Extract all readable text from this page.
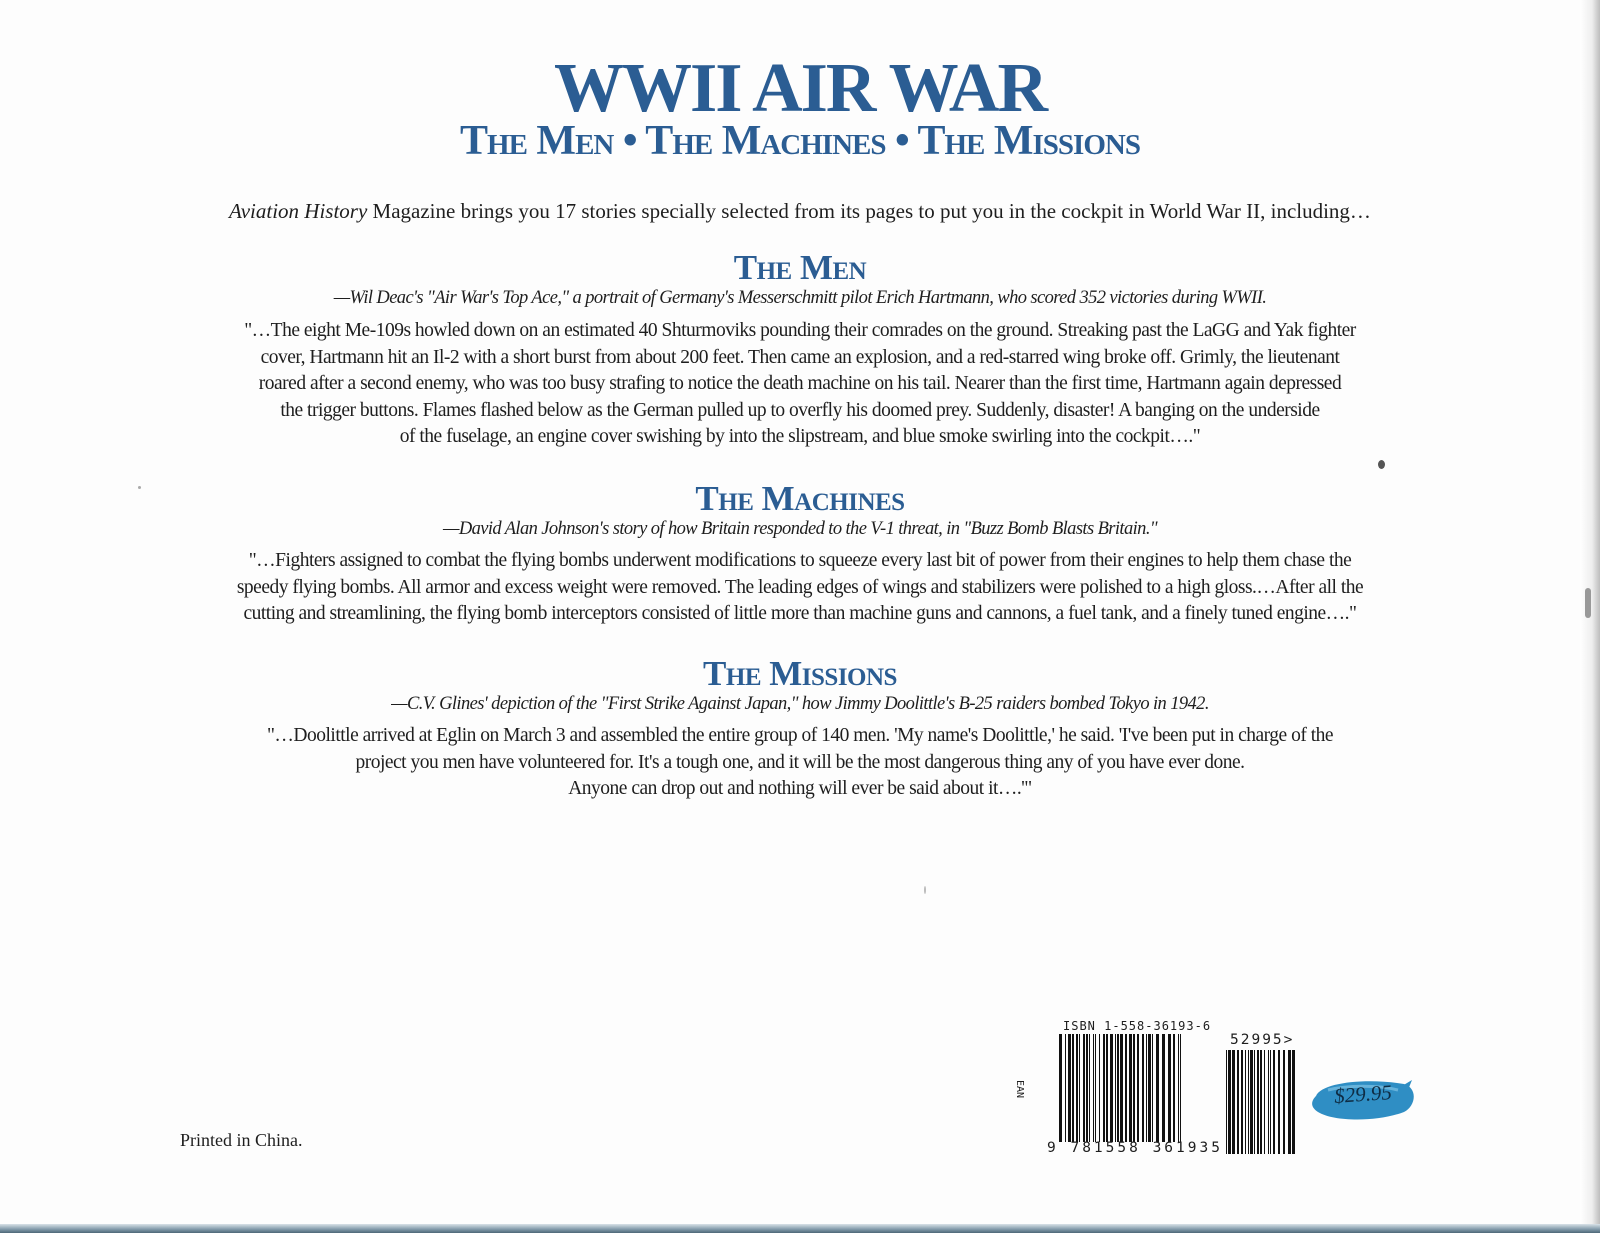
WWII AIR WAR
The Men • The Machines • The Missions

Aviation History Magazine brings you 17 stories specially selected from its pages to put you in the cockpit in World War II, including…

The Men
—Wil Deac's "Air War's Top Ace," a portrait of Germany's Messerschmitt pilot Erich Hartmann, who scored 352 victories during WWII.
"…The eight Me-109s howled down on an estimated 40 Shturmoviks pounding their comrades on the ground. Streaking past the LaGG and Yak fighter
cover, Hartmann hit an Il-2 with a short burst from about 200 feet. Then came an explosion, and a red-starred wing broke off. Grimly, the lieutenant
roared after a second enemy, who was too busy strafing to notice the death machine on his tail. Nearer than the first time, Hartmann again depressed
the trigger buttons. Flames flashed below as the German pulled up to overfly his doomed prey. Suddenly, disaster! A banging on the underside
of the fuselage, an engine cover swishing by into the slipstream, and blue smoke swirling into the cockpit…."
The Machines
—David Alan Johnson's story of how Britain responded to the V-1 threat, in "Buzz Bomb Blasts Britain."
"…Fighters assigned to combat the flying bombs underwent modifications to squeeze every last bit of power from their engines to help them chase the
speedy flying bombs. All armor and excess weight were removed. The leading edges of wings and stabilizers were polished to a high gloss.…After all the
cutting and streamlining, the flying bomb interceptors consisted of little more than machine guns and cannons, a fuel tank, and a finely tuned engine…."
The Missions
—C.V. Glines' depiction of the "First Strike Against Japan," how Jimmy Doolittle's B-25 raiders bombed Tokyo in 1942.
"…Doolittle arrived at Eglin on March 3 and assembled the entire group of 140 men. 'My name's Doolittle,' he said. 'I've been put in charge of the
project you men have volunteered for. It's a tough one, and it will be the most dangerous thing any of you have ever done.
Anyone can drop out and nothing will ever be said about it….'"
Printed in China.
ISBN 1-558-36193-6
EAN
9 781558 361935
52995>
$29.95
